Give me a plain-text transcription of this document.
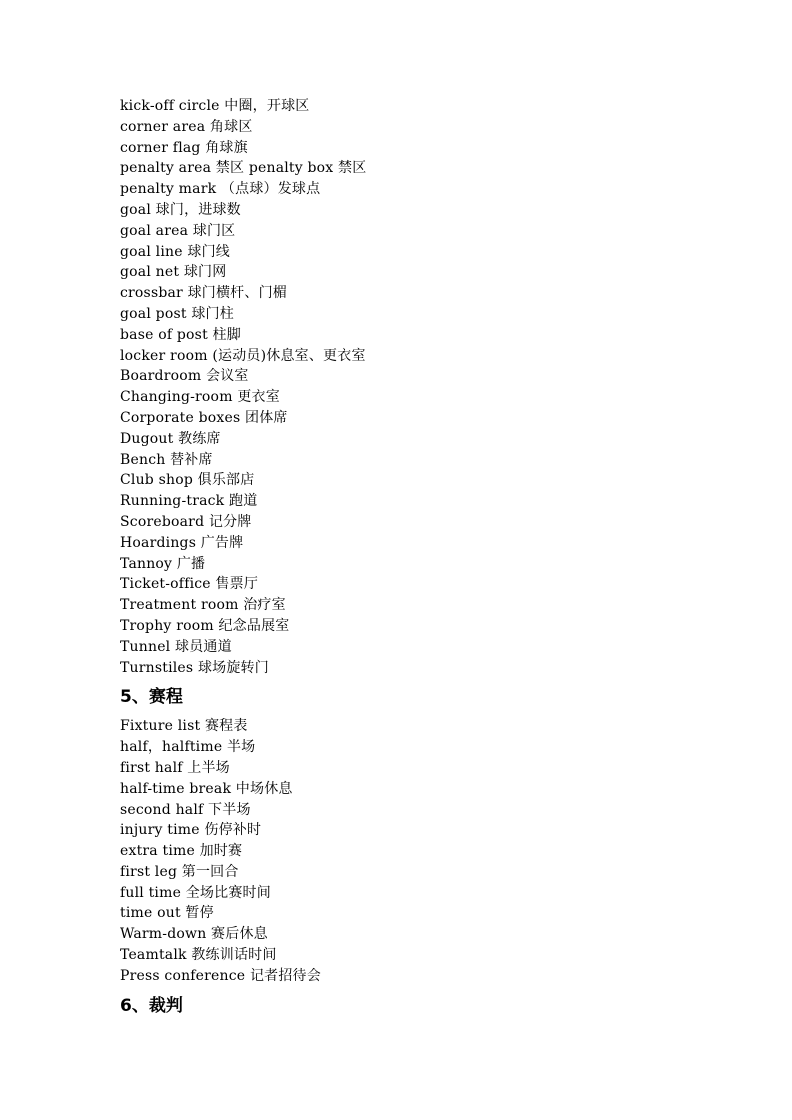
kick-off circle 中圈，开球区
corner area 角球区
corner flag 角球旗
penalty area 禁区 penalty box 禁区
penalty mark （点球）发球点
goal 球门，进球数
goal area 球门区
goal line 球门线
goal net 球门网
crossbar 球门横杆、门楣
goal post 球门柱
base of post 柱脚
locker room (运动员)休息室、更衣室
Boardroom 会议室
Changing-room 更衣室
Corporate boxes 团体席
Dugout 教练席
Bench 替补席
Club shop 俱乐部店
Running-track 跑道
Scoreboard 记分牌
Hoardings 广告牌
Tannoy 广播
Ticket-office 售票厅
Treatment room 治疗室
Trophy room 纪念品展室
Tunnel 球员通道
Turnstiles 球场旋转门
5、赛程
Fixture list 赛程表
half，halftime 半场
first half 上半场
half-time break 中场休息
second half 下半场
injury time 伤停补时
extra time 加时赛
first leg 第一回合
full time 全场比赛时间
time out 暂停
Warm-down 赛后休息
Teamtalk 教练训话时间
Press conference 记者招待会
6、裁判
